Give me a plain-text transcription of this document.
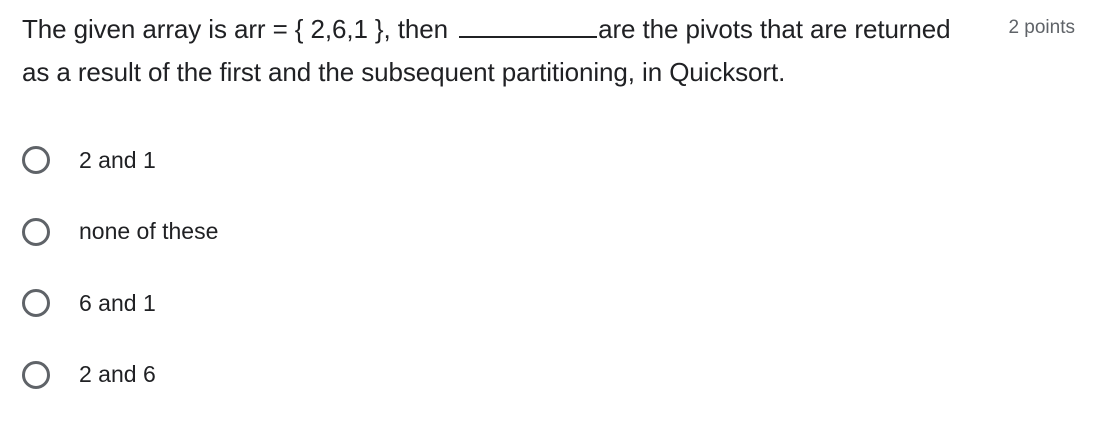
The given array is arr = { 2,6,1 }, then	are the pivots that are returned as a result of the first and the subsequent partitioning, in Quicksort.

2 points
2 and 1
none of these
6 and 1
2 and 6
